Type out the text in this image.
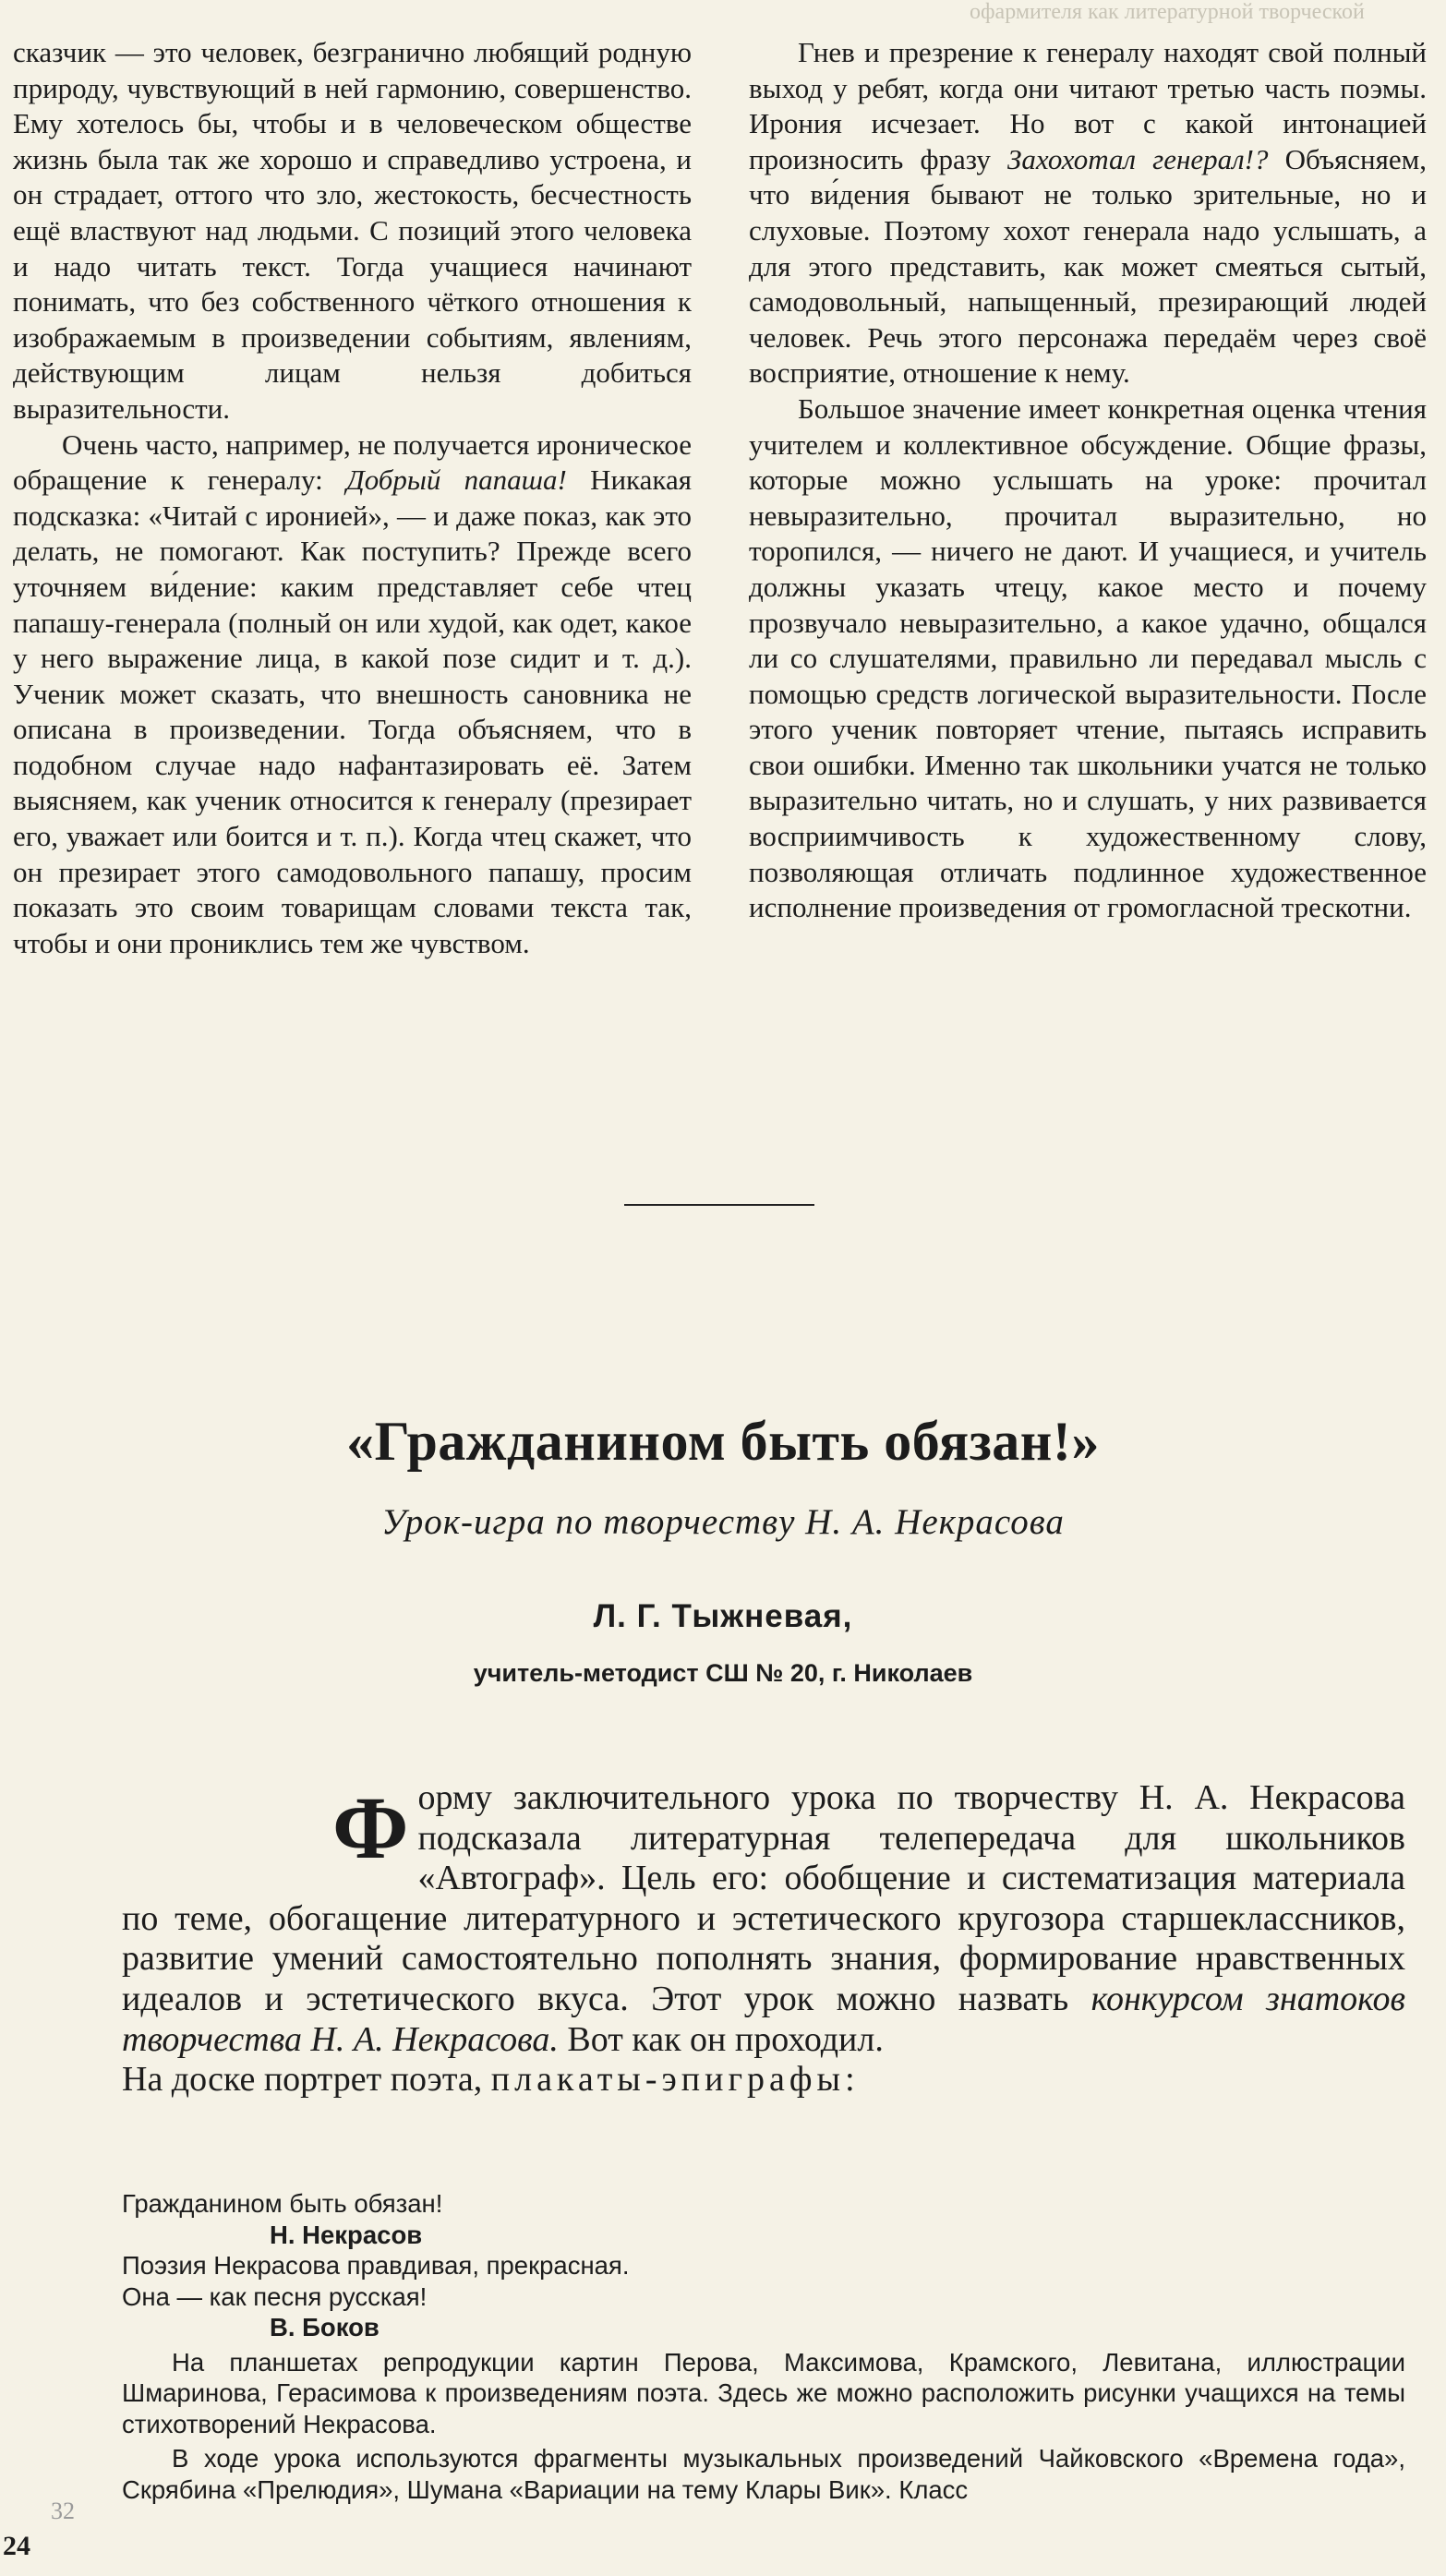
офармителя как литературной творческой

сказчик — это человек, безгранично любящий родную природу, чувствующий в ней гармонию, совершенство. Ему хотелось бы, чтобы и в человеческом обществе жизнь была так же хорошо и справедливо устроена, и он страдает, оттого что зло, жестокость, бесчестность ещё властвуют над людьми. С позиций этого человека и надо читать текст. Тогда учащиеся начинают понимать, что без собственного чёткого отношения к изображаемым в произведении событиям, явлениям, действующим лицам нельзя добиться выразительности.

Очень часто, например, не получается ироническое обращение к генералу: Добрый папаша! Никакая подсказка: «Читай с иронией», — и даже показ, как это делать, не помогают. Как поступить? Прежде всего уточняем ви́дение: каким представляет себе чтец папашу-генерала (полный он или худой, как одет, какое у него выражение лица, в какой позе сидит и т. д.). Ученик может сказать, что внешность сановника не описана в произведении. Тогда объясняем, что в подобном случае надо нафантазировать её. Затем выясняем, как ученик относится к генералу (презирает его, уважает или боится и т. п.). Когда чтец скажет, что он презирает этого самодовольного папашу, просим показать это своим товарищам словами текста так, чтобы и они прониклись тем же чувством.

Гнев и презрение к генералу находят свой полный выход у ребят, когда они читают третью часть поэмы. Ирония исчезает. Но вот с какой интонацией произносить фразу Захохотал генерал!? Объясняем, что ви́дения бывают не только зрительные, но и слуховые. Поэтому хохот генерала надо услышать, а для этого представить, как может смеяться сытый, самодовольный, напыщенный, презирающий людей человек. Речь этого персонажа передаём через своё восприятие, отношение к нему.

Большое значение имеет конкретная оценка чтения учителем и коллективное обсуждение. Общие фразы, которые можно услышать на уроке: прочитал невыразительно, прочитал выразительно, но торопился, — ничего не дают. И учащиеся, и учитель должны указать чтецу, какое место и почему прозвучало невыразительно, а какое удачно, общался ли со слушателями, правильно ли передавал мысль с помощью средств логической выразительности. После этого ученик повторяет чтение, пытаясь исправить свои ошибки. Именно так школьники учатся не только выразительно читать, но и слушать, у них развивается восприимчивость к художественному слову, позволяющая отличать подлинное художественное исполнение произведения от громогласной трескотни.

«Гражданином быть обязан!»
Урок-игра по творчеству Н. А. Некрасова
Л. Г. Тыжневая,
учитель-методист СШ № 20, г. Николаев

Форму заключительного урока по творчеству Н. А. Некрасова подсказала литературная телепередача для школьников «Автограф». Цель его: обобщение и систематизация материала по теме, обогащение литературного и эстетического кругозора старшеклассников, развитие умений самостоятельно пополнять знания, формирование нравственных идеалов и эстетического вкуса. Этот урок можно назвать конкурсом знатоков творчества Н. А. Некрасова. Вот как он проходил.

На доске портрет поэта, плакаты-эпиграфы:

Гражданином быть обязан!

Н. Некрасов

Поэзия Некрасова правдивая, прекрасная.

Она — как песня русская!

В. Боков

На планшетах репродукции картин Перова, Максимова, Крамского, Левитана, иллюстрации Шмаринова, Герасимова к произведениям поэта. Здесь же можно расположить рисунки учащихся на темы стихотворений Некрасова.

В ходе урока используются фрагменты музыкальных произведений Чайковского «Времена года», Скрябина «Прелюдия», Шумана «Вариации на тему Клары Вик». Класс

32
24
